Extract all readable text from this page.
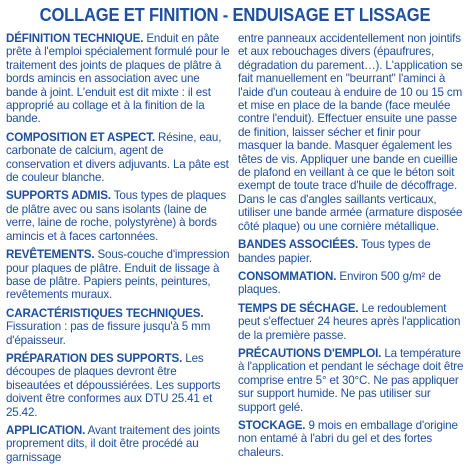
COLLAGE ET FINITION - ENDUISAGE ET LISSAGE

DÉFINITION TECHNIQUE. Enduit en pâte prête à l'emploi spécialement formulé pour le traitement des joints de plaques de plâtre à bords amincis en association avec une bande à joint. L'enduit est dit mixte : il est approprié au collage et à la finition de la bande.

COMPOSITION ET ASPECT. Résine, eau, carbonate de calcium, agent de conservation et divers adjuvants. La pâte est de couleur blanche.

SUPPORTS ADMIS. Tous types de plaques de plâtre avec ou sans isolants (laine de verre, laine de roche, polystyrène) à bords amincis et à faces cartonnées.

REVÊTEMENTS. Sous-couche d'impression pour plaques de plâtre. Enduit de lissage à base de plâtre. Papiers peints, peintures, revêtements muraux.

CARACTÉRISTIQUES TECHNIQUES. Fissuration : pas de fissure jusqu'à 5 mm d'épaisseur.

PRÉPARATION DES SUPPORTS. Les découpes de plaques devront être biseautées et dépoussiérées. Les supports doivent être conformes aux DTU 25.41 et 25.42.

APPLICATION. Avant traitement des joints proprement dits, il doit être procédé au garnissage

entre panneaux accidentellement non jointifs et aux rebouchages divers (épaufrures, dégradation du parement…). L'application se fait manuellement en "beurrant" l'aminci à l'aide d'un couteau à enduire de 10 ou 15 cm et mise en place de la bande (face meulée contre l'enduit). Effectuer ensuite une passe de finition, laisser sécher et finir pour masquer la bande. Masquer également les têtes de vis. Appliquer une bande en cueillie de plafond en veillant à ce que le béton soit exempt de toute trace d'huile de décoffrage. Dans le cas d'angles saillants verticaux, utiliser une bande armée (armature disposée côté plaque) ou une cornière métallique.

BANDES ASSOCIÉES. Tous types de bandes papier.

CONSOMMATION. Environ 500 g/m² de plaques.

TEMPS DE SÉCHAGE. Le redoublement peut s'effectuer 24 heures après l'application de la première passe.

PRÉCAUTIONS D'EMPLOI. La température à l'application et pendant le séchage doit être comprise entre 5° et 30°C. Ne pas appliquer sur support humide. Ne pas utiliser sur support gelé.

STOCKAGE. 9 mois en emballage d'origine non entamé à l'abri du gel et des fortes chaleurs.
